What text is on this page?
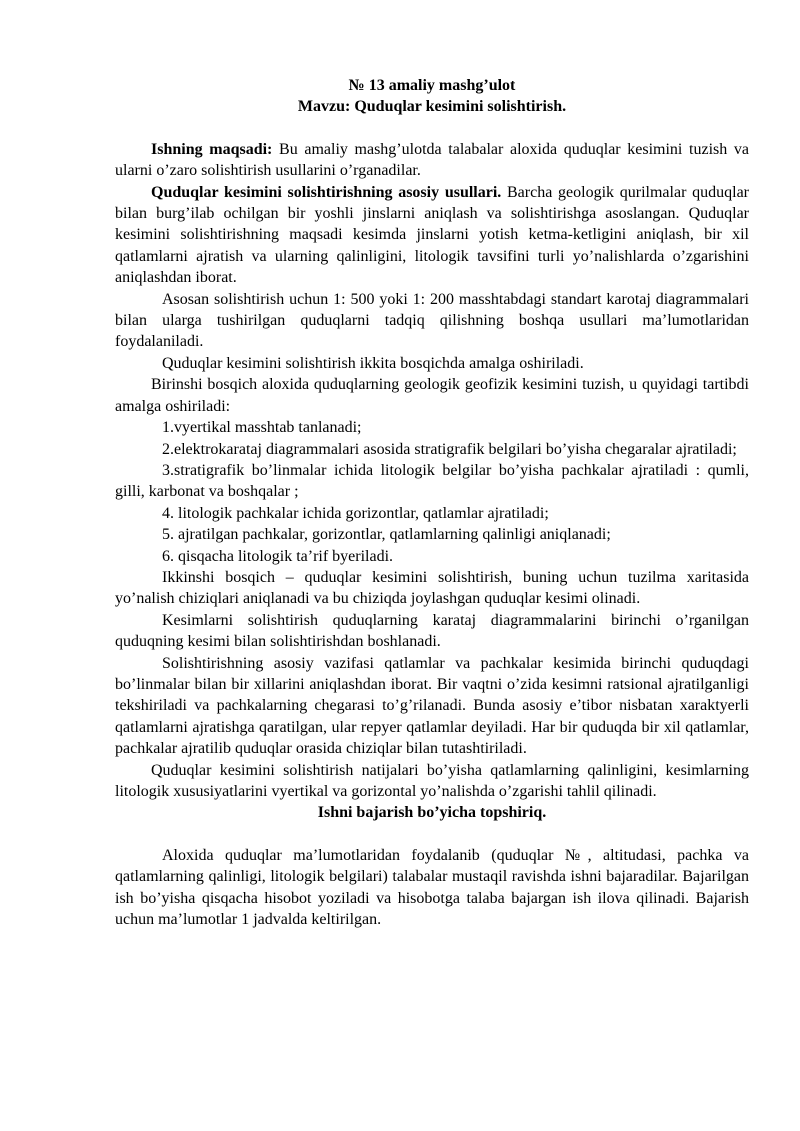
№ 13 amaliy mashg’ulot

Mavzu: Quduqlar kesimini solishtirish.

Ishning maqsadi: Bu amaliy mashg’ulotda talabalar aloxida quduqlar kesimini tuzish va ularni o’zaro solishtirish usullarini o’rganadilar.

Quduqlar kesimini solishtirishning asosiy usullari. Barcha geologik qurilmalar quduqlar bilan burg’ilab ochilgan bir yoshli jinslarni aniqlash va solishtirishga asoslangan. Quduqlar kesimini solishtirishning maqsadi kesimda jinslarni yotish ketma-ketligini aniqlash, bir xil qatlamlarni ajratish va ularning qalinligini, litologik tavsifini turli yo’nalishlarda o’zgarishini aniqlashdan iborat.

Asosan solishtirish uchun 1: 500 yoki 1: 200 masshtabdagi standart karotaj diagrammalari bilan ularga tushirilgan quduqlarni tadqiq qilishning boshqa usullari ma’lumotlaridan foydalaniladi.

Quduqlar kesimini solishtirish ikkita bosqichda amalga oshiriladi.

Birinshi bosqich aloxida quduqlarning geologik geofizik kesimini tuzish, u quyidagi tartibdi amalga oshiriladi:

1.vyertikal masshtab tanlanadi;

2.elektrokarataj diagrammalari asosida stratigrafik belgilari bo’yisha chegaralar ajratiladi;

3.stratigrafik bo’linmalar ichida litologik belgilar bo’yisha pachkalar ajratiladi : qumli, gilli, karbonat va boshqalar ;

4. litologik pachkalar ichida gorizontlar, qatlamlar ajratiladi;

5. ajratilgan pachkalar, gorizontlar, qatlamlarning qalinligi aniqlanadi;

6. qisqacha litologik ta’rif byeriladi.

Ikkinshi bosqich – quduqlar kesimini solishtirish, buning uchun tuzilma xaritasida yo’nalish chiziqlari aniqlanadi va bu chiziqda joylashgan quduqlar kesimi olinadi.

Kesimlarni solishtirish quduqlarning karataj diagrammalarini birinchi o’rganilgan quduqning kesimi bilan solishtirishdan boshlanadi.

Solishtirishning asosiy vazifasi qatlamlar va pachkalar kesimida birinchi quduqdagi bo’linmalar bilan bir xillarini aniqlashdan iborat. Bir vaqtni o’zida kesimni ratsional ajratilganligi tekshiriladi va pachkalarning chegarasi to’g’rilanadi. Bunda asosiy e’tibor nisbatan xaraktyerli qatlamlarni ajratishga qaratilgan, ular repyer qatlamlar deyiladi. Har bir quduqda bir xil qatlamlar, pachkalar ajratilib quduqlar orasida chiziqlar bilan tutashtiriladi.

Quduqlar kesimini solishtirish natijalari bo’yisha qatlamlarning qalinligini, kesimlarning litologik xususiyatlarini vyertikal va gorizontal yo’nalishda o’zgarishi tahlil qilinadi.

Ishni bajarish bo’yicha topshiriq.

Aloxida quduqlar ma’lumotlaridan foydalanib (quduqlar №, altitudasi, pachka va qatlamlarning qalinligi, litologik belgilari) talabalar mustaqil ravishda ishni bajaradilar. Bajarilgan ish bo’yisha qisqacha hisobot yoziladi va hisobotga talaba bajargan ish ilova qilinadi. Bajarish uchun ma’lumotlar 1 jadvalda keltirilgan.
